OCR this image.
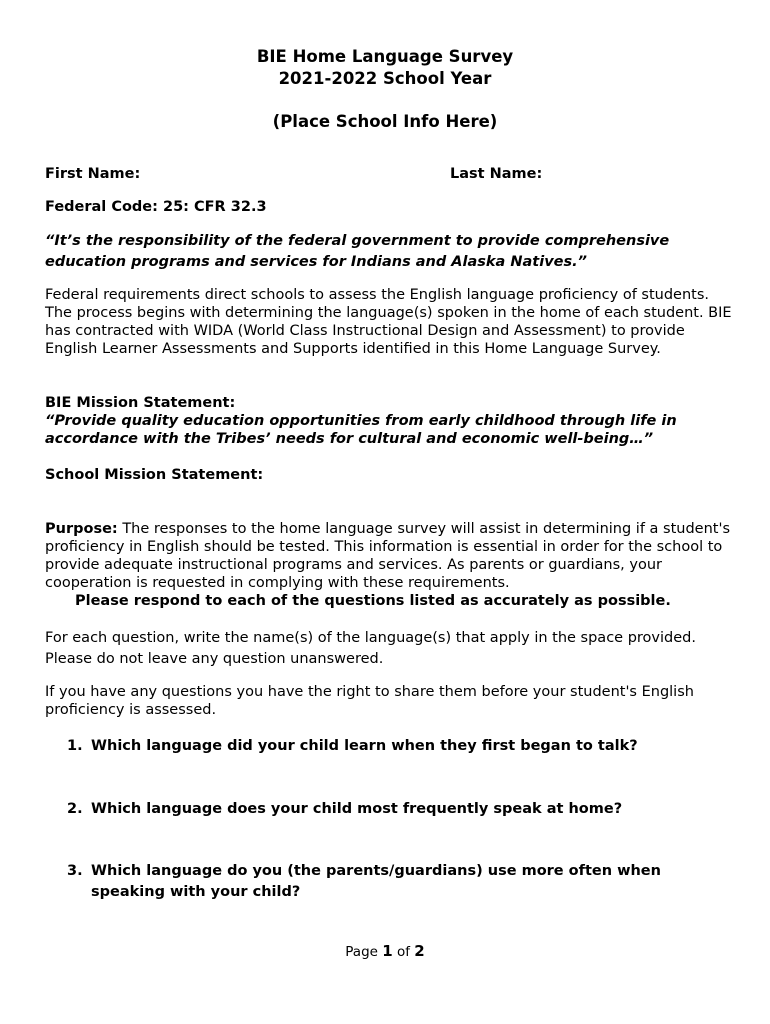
BIE Home Language Survey
2021-2022 School Year
(Place School Info Here)
First Name:	Last Name:
Federal Code: 25: CFR 32.3
“It’s the responsibility of the federal government to provide comprehensive education programs and services for Indians and Alaska Natives.”
Federal requirements direct schools to assess the English language proficiency of students. The process begins with determining the language(s) spoken in the home of each student. BIE has contracted with WIDA (World Class Instructional Design and Assessment) to provide English Learner Assessments and Supports identified in this Home Language Survey.
BIE Mission Statement:
“Provide quality education opportunities from early childhood through life in accordance with the Tribes’ needs for cultural and economic well-being…”
School Mission Statement:
Purpose: The responses to the home language survey will assist in determining if a student's proficiency in English should be tested. This information is essential in order for the school to provide adequate instructional programs and services. As parents or guardians, your cooperation is requested in complying with these requirements.
Please respond to each of the questions listed as accurately as possible.
For each question, write the name(s) of the language(s) that apply in the space provided.
Please do not leave any question unanswered.
If you have any questions you have the right to share them before your student's English proficiency is assessed.
1. Which language did your child learn when they first began to talk?
2. Which language does your child most frequently speak at home?
3. Which language do you (the parents/guardians) use more often when speaking with your child?
Page 1 of 2
